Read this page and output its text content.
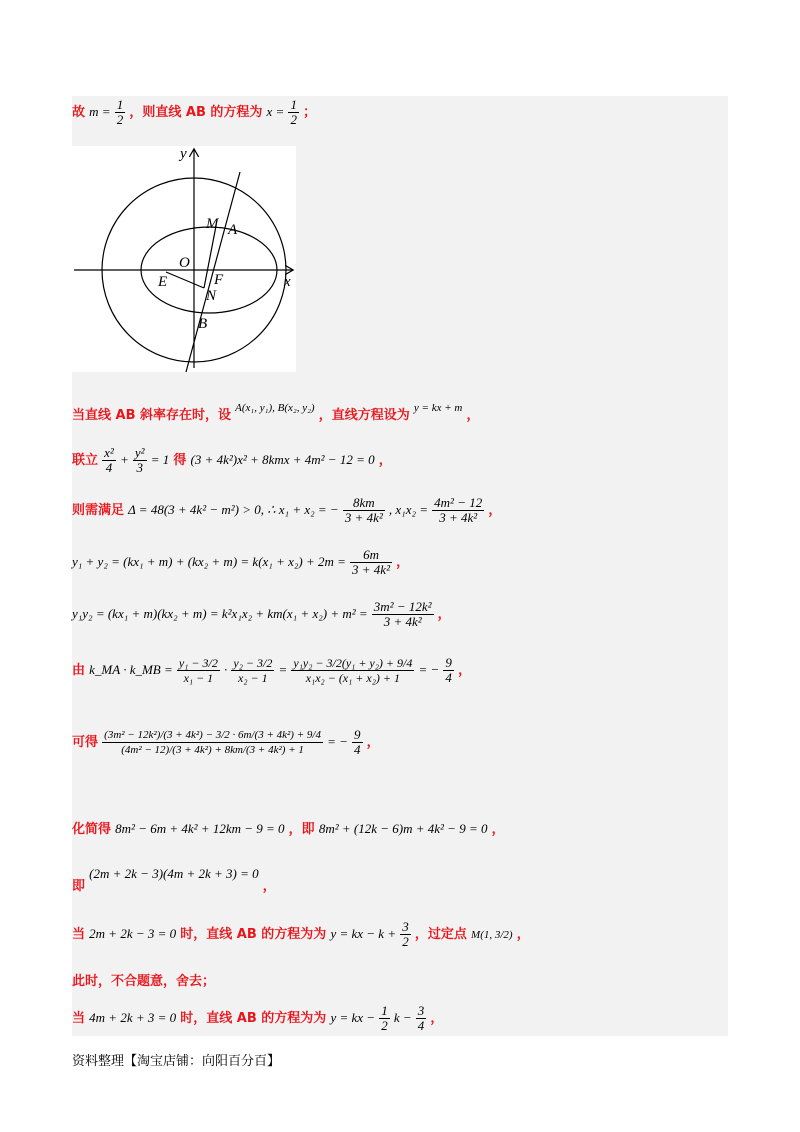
故 $m = \frac{1}{2}$ ，则直线 AB 的方程为 $x = \frac{1}{2}$ ；
y
x
O
E	F
N
M A
B
当直线 AB 斜率存在时，设 $^{A(x_1, y_1), B(x_2, y_2)}$ ，直线方程设为 $^{y = kx + m}$ ，
联立 $\frac{\text{x²}}{4} + \frac{\text{y²}}{3} = 1$ 得 (3 + 4k²)x² + 8kmx + 4m² − 12 = 0 ，
则需满足 Δ = 48(3 + 4k² − m²) > 0, ∴ x₁ + x₂ = − $\frac{8km}{\text{3 + 4k²}}$ , $x_1x_2 = \frac{\text{4m² − 12}}{\text{3 + 4k²}}$ ，
$y_1 + y_2 = (kx_1 + m) + (kx_2 + m) = k(x_1 + x_2) + 2m = \frac{6m}{\text{3 + 4k²}}$ ，
$y_1y_2 = (kx_1 + m)(kx_2 + m) = k^2x_1x_2 + km(x_1 + x_2) + m^2 = \frac{\text{3m² − 12k²}}{\text{3 + 4k²}}$ ，
由 k_MA · k_MB = $\frac{\text{y₁ − 3/2}}{\text{x₁ − 1}} \cdot \frac{\text{y₂ − 3/2}}{\text{x₂ − 1}} = \frac{\text{y₁y₂ − 3/2(y₁ + y₂) + 9/4}}{\text{x₁x₂ − (x₁ + x₂) + 1}}$ = − $\frac{9}{4}$ ，
可得 $\frac{\text{(3m² − 12k²)/(3 + 4k²) − 3/2 · 6m/(3 + 4k²) + 9/4}}{\text{(4m² − 12)/(3 + 4k²) + 8km/(3 + 4k²) + 1}}$ = − $\frac{9}{4}$ ，
化简得 8m² − 6m + 4k² + 12km − 9 = 0 ，即 8m² + (12k − 6)m + 4k² − 9 = 0 ，
即 (2m + 2k − 3)(4m + 2k + 3) = 0 ，
当 2m + 2k − 3 = 0 时，直线 AB 的方程为为 y = kx − $k + \frac{3}{2}$ ，过定点 M(1, 3/2) ，
此时，不合题意，舍去；
当 4m + 2k + 3 = 0 时，直线 AB 的方程为为 y = kx − $\frac{1}{2}$ $k - \frac{3}{4}$ ，
资料整理【淘宝店铺：向阳百分百】
